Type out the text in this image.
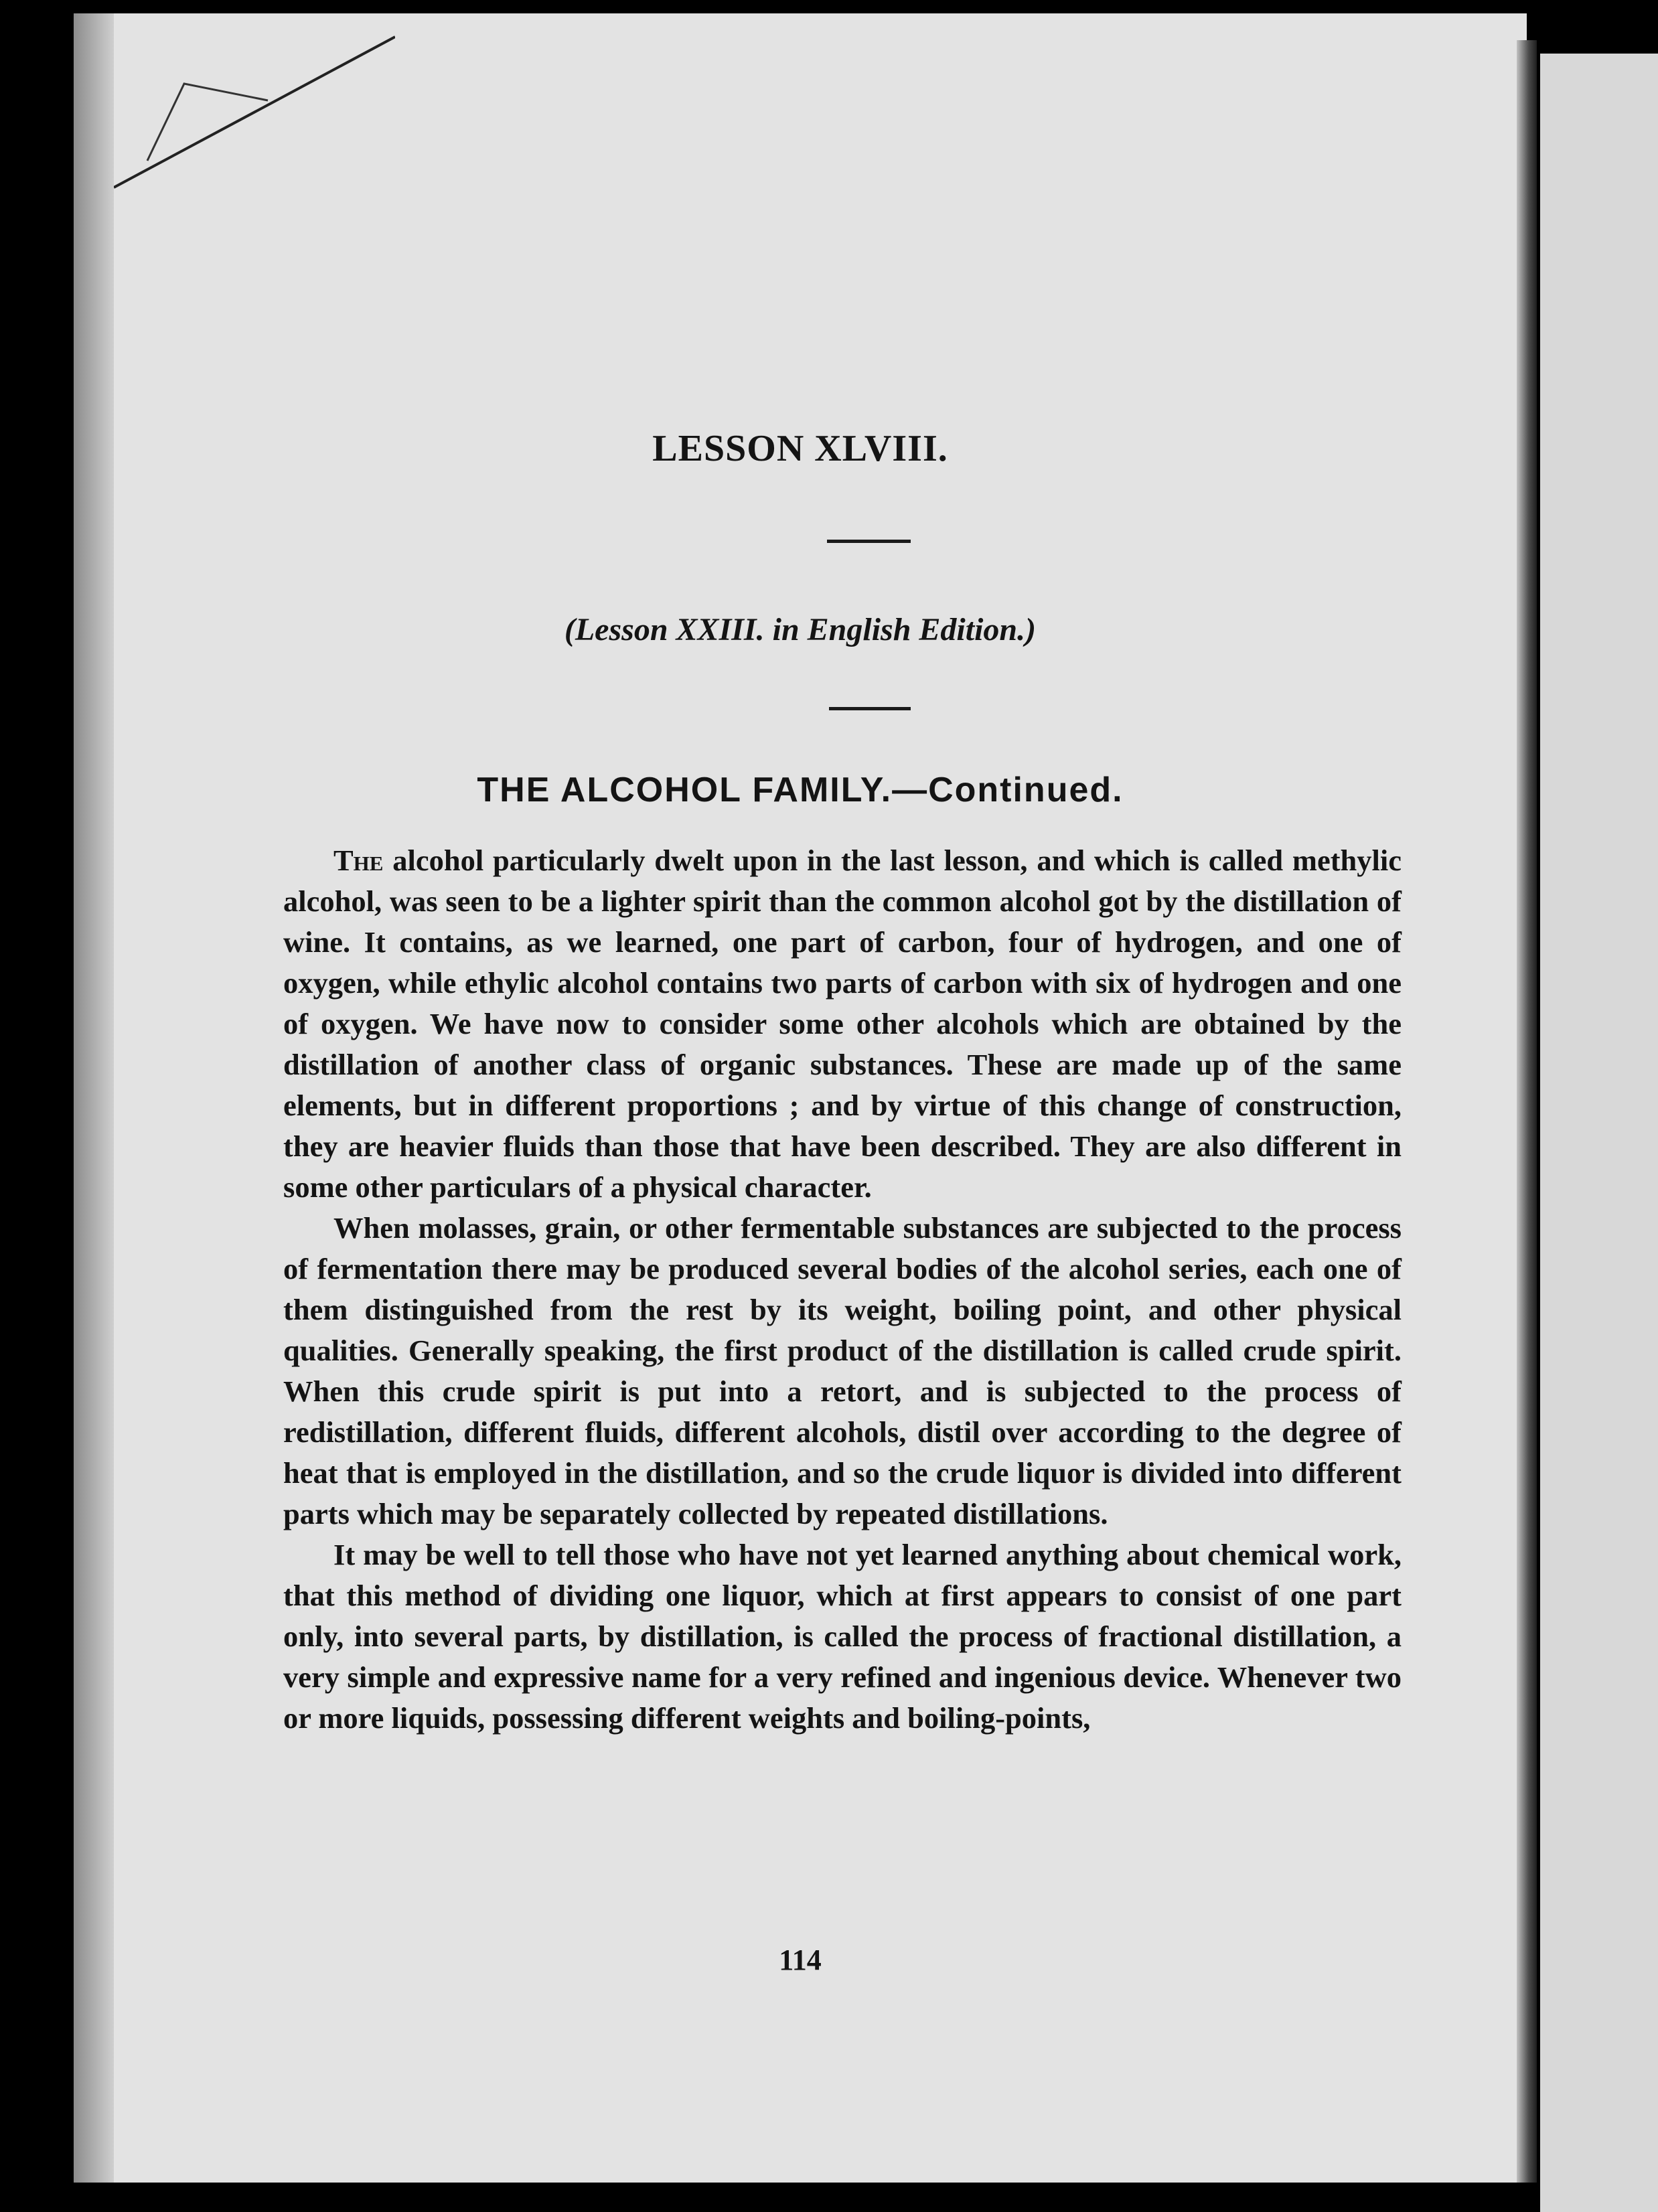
LESSON XLVIII.
(Lesson XXIII. in English Edition.)
THE ALCOHOL FAMILY.—Continued.

The alcohol particularly dwelt upon in the last lesson, and which is called methylic alcohol, was seen to be a lighter spirit than the common alcohol got by the distillation of wine. It contains, as we learned, one part of carbon, four of hydrogen, and one of oxygen, while ethylic alcohol contains two parts of carbon with six of hydrogen and one of oxygen. We have now to consider some other alcohols which are obtained by the distillation of another class of organic substances. These are made up of the same elements, but in different proportions ; and by virtue of this change of construction, they are heavier fluids than those that have been described. They are also different in some other particulars of a physical character.

When molasses, grain, or other fermentable substances are subjected to the process of fermentation there may be produced several bodies of the alcohol series, each one of them distinguished from the rest by its weight, boiling point, and other physical qualities. Generally speaking, the first product of the distillation is called crude spirit. When this crude spirit is put into a retort, and is subjected to the process of redistillation, different fluids, different alcohols, distil over according to the degree of heat that is employed in the distillation, and so the crude liquor is divided into different parts which may be separately collected by repeated distillations.

It may be well to tell those who have not yet learned anything about chemical work, that this method of dividing one liquor, which at first appears to consist of one part only, into several parts, by distillation, is called the process of fractional distillation, a very simple and expressive name for a very refined and ingenious device. Whenever two or more liquids, possessing different weights and boiling-points,

114
